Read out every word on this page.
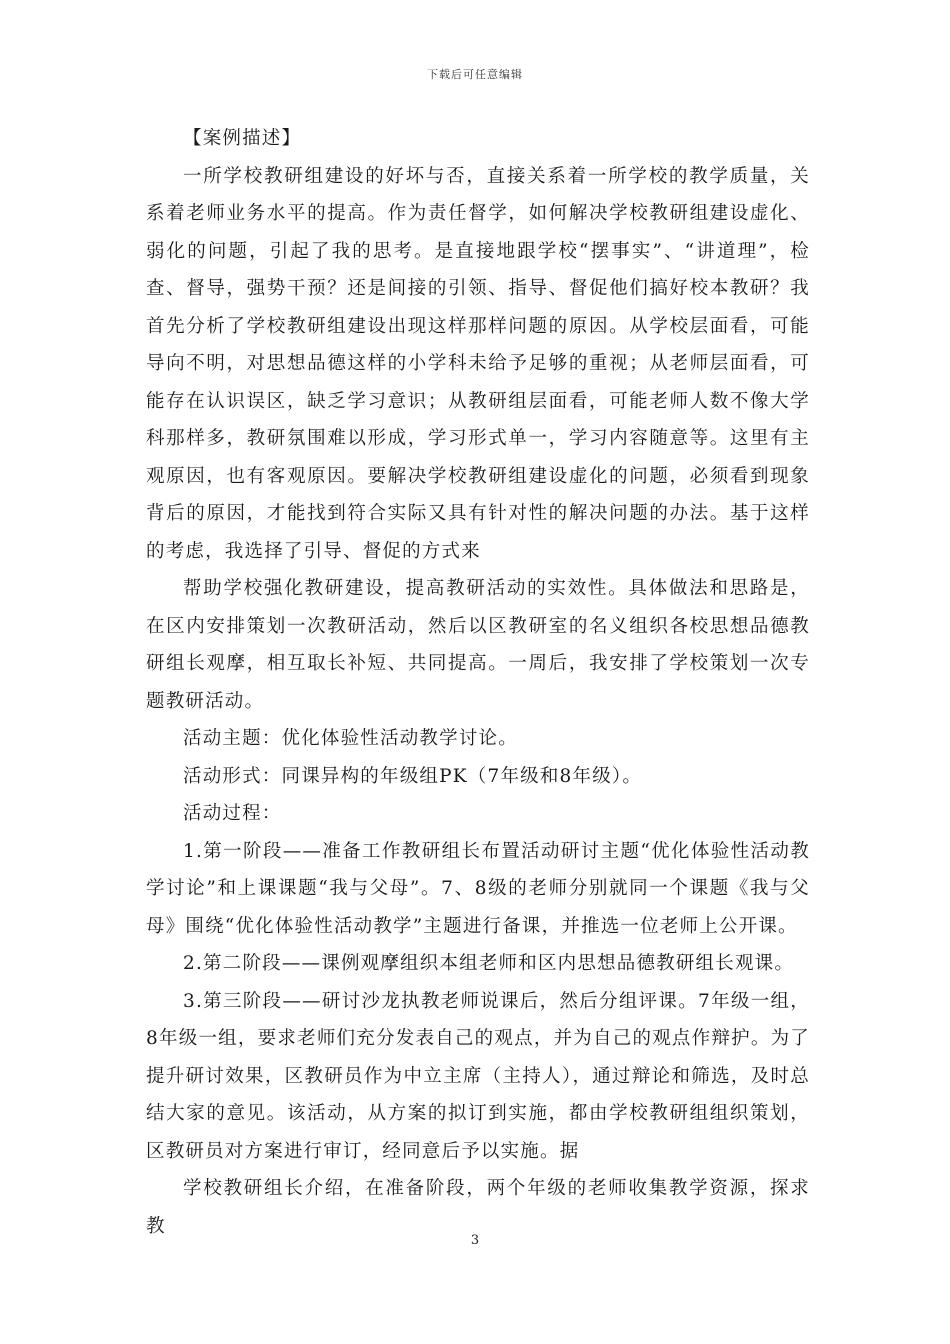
下载后可任意编辑

【案例描述】

一所学校教研组建设的好坏与否，直接关系着一所学校的教学质量，关系着老师业务水平的提高。作为责任督学，如何解决学校教研组建设虚化、弱化的问题，引起了我的思考。是直接地跟学校“摆事实”、“讲道理”，检查、督导，强势干预？还是间接的引领、指导、督促他们搞好校本教研？我首先分析了学校教研组建设出现这样那样问题的原因。从学校层面看，可能导向不明，对思想品德这样的小学科未给予足够的重视；从老师层面看，可能存在认识误区，缺乏学习意识；从教研组层面看，可能老师人数不像大学科那样多，教研氛围难以形成，学习形式单一，学习内容随意等。这里有主观原因，也有客观原因。要解决学校教研组建设虚化的问题，必须看到现象背后的原因，才能找到符合实际又具有针对性的解决问题的办法。基于这样的考虑，我选择了引导、督促的方式来

帮助学校强化教研建设，提高教研活动的实效性。具体做法和思路是，在区内安排策划一次教研活动，然后以区教研室的名义组织各校思想品德教研组长观摩，相互取长补短、共同提高。一周后，我安排了学校策划一次专题教研活动。

活动主题：优化体验性活动教学讨论。

活动形式：同课异构的年级组PK（7年级和8年级）。

活动过程：

1.第一阶段——准备工作教研组长布置活动研讨主题“优化体验性活动教学讨论”和上课课题“我与父母”。7、8级的老师分别就同一个课题《我与父母》围绕“优化体验性活动教学”主题进行备课，并推选一位老师上公开课。

2.第二阶段——课例观摩组织本组老师和区内思想品德教研组长观课。

3.第三阶段——研讨沙龙执教老师说课后，然后分组评课。7年级一组，8年级一组，要求老师们充分发表自己的观点，并为自己的观点作辩护。为了提升研讨效果，区教研员作为中立主席（主持人），通过辩论和筛选，及时总结大家的意见。该活动，从方案的拟订到实施，都由学校教研组组织策划，区教研员对方案进行审订，经同意后予以实施。据

学校教研组长介绍，在准备阶段，两个年级的老师收集教学资源，探求教

3
